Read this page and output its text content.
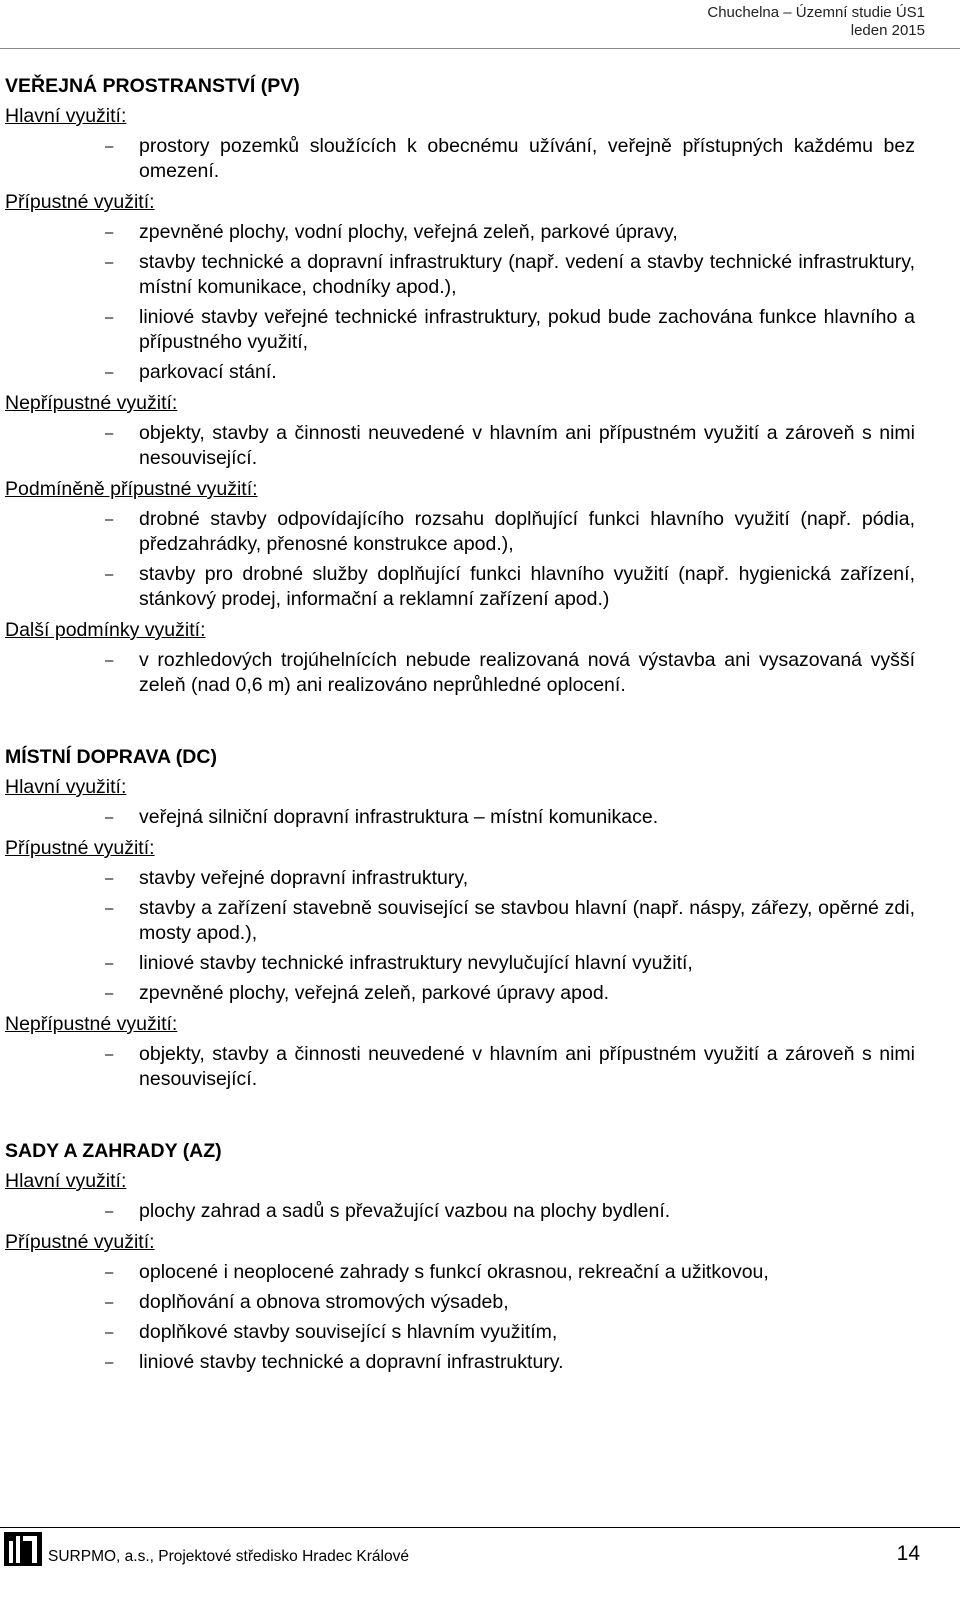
Chuchelna – Územní studie ÚS1
leden 2015
VEŘEJNÁ PROSTRANSTVÍ (PV)
Hlavní využití:
– prostory pozemků sloužících k obecnému užívání, veřejně přístupných každému bez omezení.
Přípustné využití:
– zpevněné plochy, vodní plochy, veřejná zeleň, parkové úpravy,
– stavby technické a dopravní infrastruktury (např. vedení a stavby technické infrastruktury, místní komunikace, chodníky apod.),
– liniové stavby veřejné technické infrastruktury, pokud bude zachována funkce hlavního a přípustného využití,
– parkovací stání.
Nepřípustné využití:
– objekty, stavby a činnosti neuvedené v hlavním ani přípustném využití a zároveň s nimi nesouvisející.
Podmíněně přípustné využití:
– drobné stavby odpovídajícího rozsahu doplňující funkci hlavního využití (např. pódia, předzahrádky, přenosné konstrukce apod.),
– stavby pro drobné služby doplňující funkci hlavního využití (např. hygienická zařízení, stánkový prodej, informační a reklamní zařízení apod.)
Další podmínky využití:
– v rozhledových trojúhelnících nebude realizovaná nová výstavba ani vysazovaná vyšší zeleň (nad 0,6 m) ani realizováno neprůhledné oplocení.
MÍSTNÍ DOPRAVA (DC)
Hlavní využití:
– veřejná silniční dopravní infrastruktura – místní komunikace.
Přípustné využití:
– stavby veřejné dopravní infrastruktury,
– stavby a zařízení stavebně související se stavbou hlavní (např. náspy, zářezy, opěrné zdi, mosty apod.),
– liniové stavby technické infrastruktury nevylučující hlavní využití,
– zpevněné plochy, veřejná zeleň, parkové úpravy apod.
Nepřípustné využití:
– objekty, stavby a činnosti neuvedené v hlavním ani přípustném využití a zároveň s nimi nesouvisející.
SADY A ZAHRADY (AZ)
Hlavní využití:
– plochy zahrad a sadů s převažující vazbou na plochy bydlení.
Přípustné využití:
– oplocené i neoplocené zahrady s funkcí okrasnou, rekreační a užitkovou,
– doplňování a obnova stromových výsadeb,
– doplňkové stavby související s hlavním využitím,
– liniové stavby technické a dopravní infrastruktury.
SURPMO, a.s., Projektové středisko Hradec Králové	14
